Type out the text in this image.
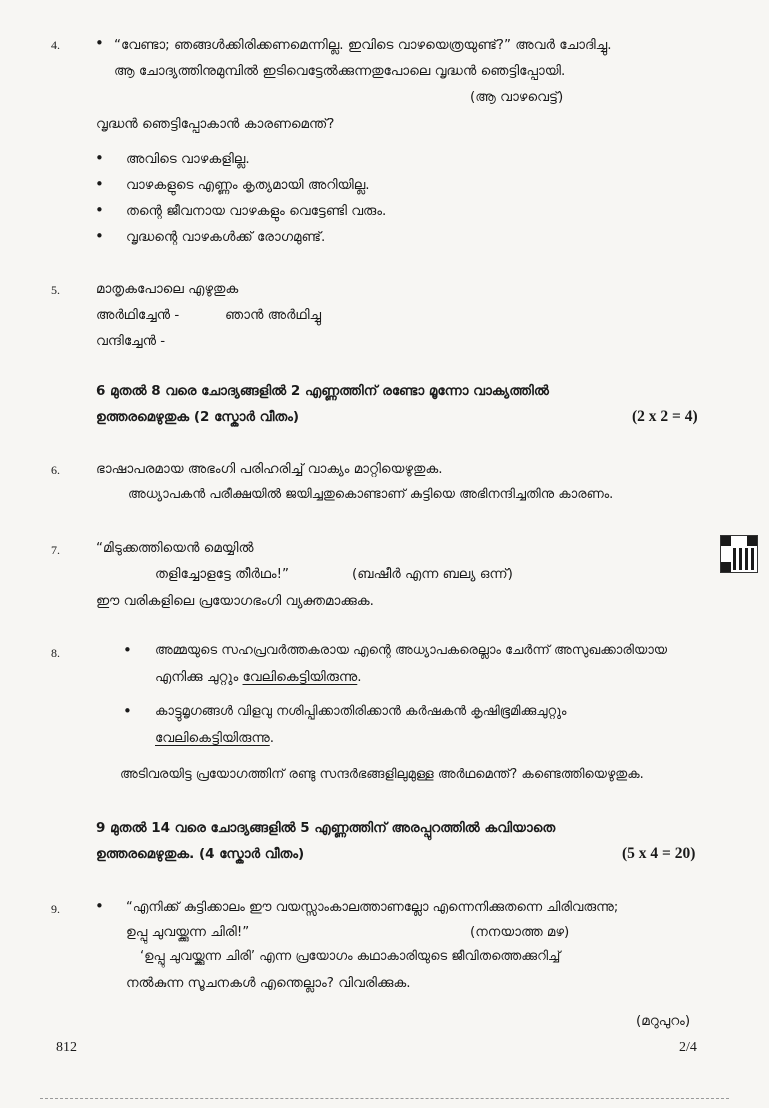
4. • “വേണ്ടാ; ഞങ്ങൾക്കിരിക്കണമെന്നില്ല. ഇവിടെ വാഴയെത്രയുണ്ട്?” അവർ ചോദിച്ചു.
ആ ചോദ്യത്തിനുമുമ്പിൽ ഇടിവെട്ടേൽക്കുന്നതുപോലെ വൃദ്ധൻ ഞെട്ടിപ്പോയി.
(ആ വാഴവെട്ട്)
വൃദ്ധൻ ഞെട്ടിപ്പോകാൻ കാരണമെന്ത്?
• അവിടെ വാഴകളില്ല.
• വാഴകളുടെ എണ്ണം കൃത്യമായി അറിയില്ല.
• തന്റെ ജീവനായ വാഴകളും വെട്ടേണ്ടി വരും.
• വൃദ്ധന്റെ വാഴകൾക്ക് രോഗമുണ്ട്.
5.	മാതൃകപോലെ എഴുതുക
അർഥിച്ചേൻ -	ഞാൻ അർഥിച്ചു
വന്ദിച്ചേൻ -
6 മുതൽ 8 വരെ ചോദ്യങ്ങളിൽ 2 എണ്ണത്തിന് രണ്ടോ മൂന്നോ വാക്യത്തിൽ
ഉത്തരമെഴുതുക (2 സ്കോർ വീതം)	(2 x 2 = 4)
6.	ഭാഷാപരമായ അഭംഗി പരിഹരിച്ച് വാക്യം മാറ്റിയെഴുതുക.
അധ്യാപകൻ പരീക്ഷയിൽ ജയിച്ചതുകൊണ്ടാണ് കുട്ടിയെ അഭിനന്ദിച്ചതിനു കാരണം.
7.	“മിടുക്കത്തിയെൻ മെയ്യിൽ
തളിച്ചോളട്ടേ തീർഥം!”	(ബഷീർ എന്ന ബല്യ ഒന്ന്)
ഈ വരികളിലെ പ്രയോഗഭംഗി വ്യക്തമാക്കുക.
8.	• അമ്മയുടെ സഹപ്രവർത്തകരായ എന്റെ അധ്യാപകരെല്ലാം ചേർന്ന് അസുഖക്കാരിയായ
എനിക്കു ചുറ്റും വേലികെട്ടിയിരുന്നു.
• കാട്ടുമൃഗങ്ങൾ വിളവു നശിപ്പിക്കാതിരിക്കാൻ കർഷകൻ കൃഷിഭൂമിക്കുചുറ്റും
വേലികെട്ടിയിരുന്നു.
അടിവരയിട്ട പ്രയോഗത്തിന് രണ്ടു സന്ദർഭങ്ങളിലുമുള്ള അർഥമെന്ത്? കണ്ടെത്തിയെഴുതുക.
9 മുതൽ 14 വരെ ചോദ്യങ്ങളിൽ 5 എണ്ണത്തിന് അരപ്പുറത്തിൽ കവിയാതെ
ഉത്തരമെഴുതുക. (4 സ്കോർ വീതം)	(5 x 4 = 20)
9. • “എനിക്ക് കുട്ടിക്കാലം ഈ വയസ്സാംകാലത്താണല്ലോ എന്നെനിക്കുതന്നെ ചിരിവരുന്നു;
ഉപ്പു ചുവയ്ക്കുന്ന ചിരി!”	(നനയാത്ത മഴ)
‘ഉപ്പു ചുവയ്ക്കുന്ന ചിരി’ എന്ന പ്രയോഗം കഥാകാരിയുടെ ജീവിതത്തെക്കുറിച്ച്
നൽകുന്ന സൂചനകൾ എന്തെല്ലാം? വിവരിക്കുക.
(മറുപുറം)
812	2/4
